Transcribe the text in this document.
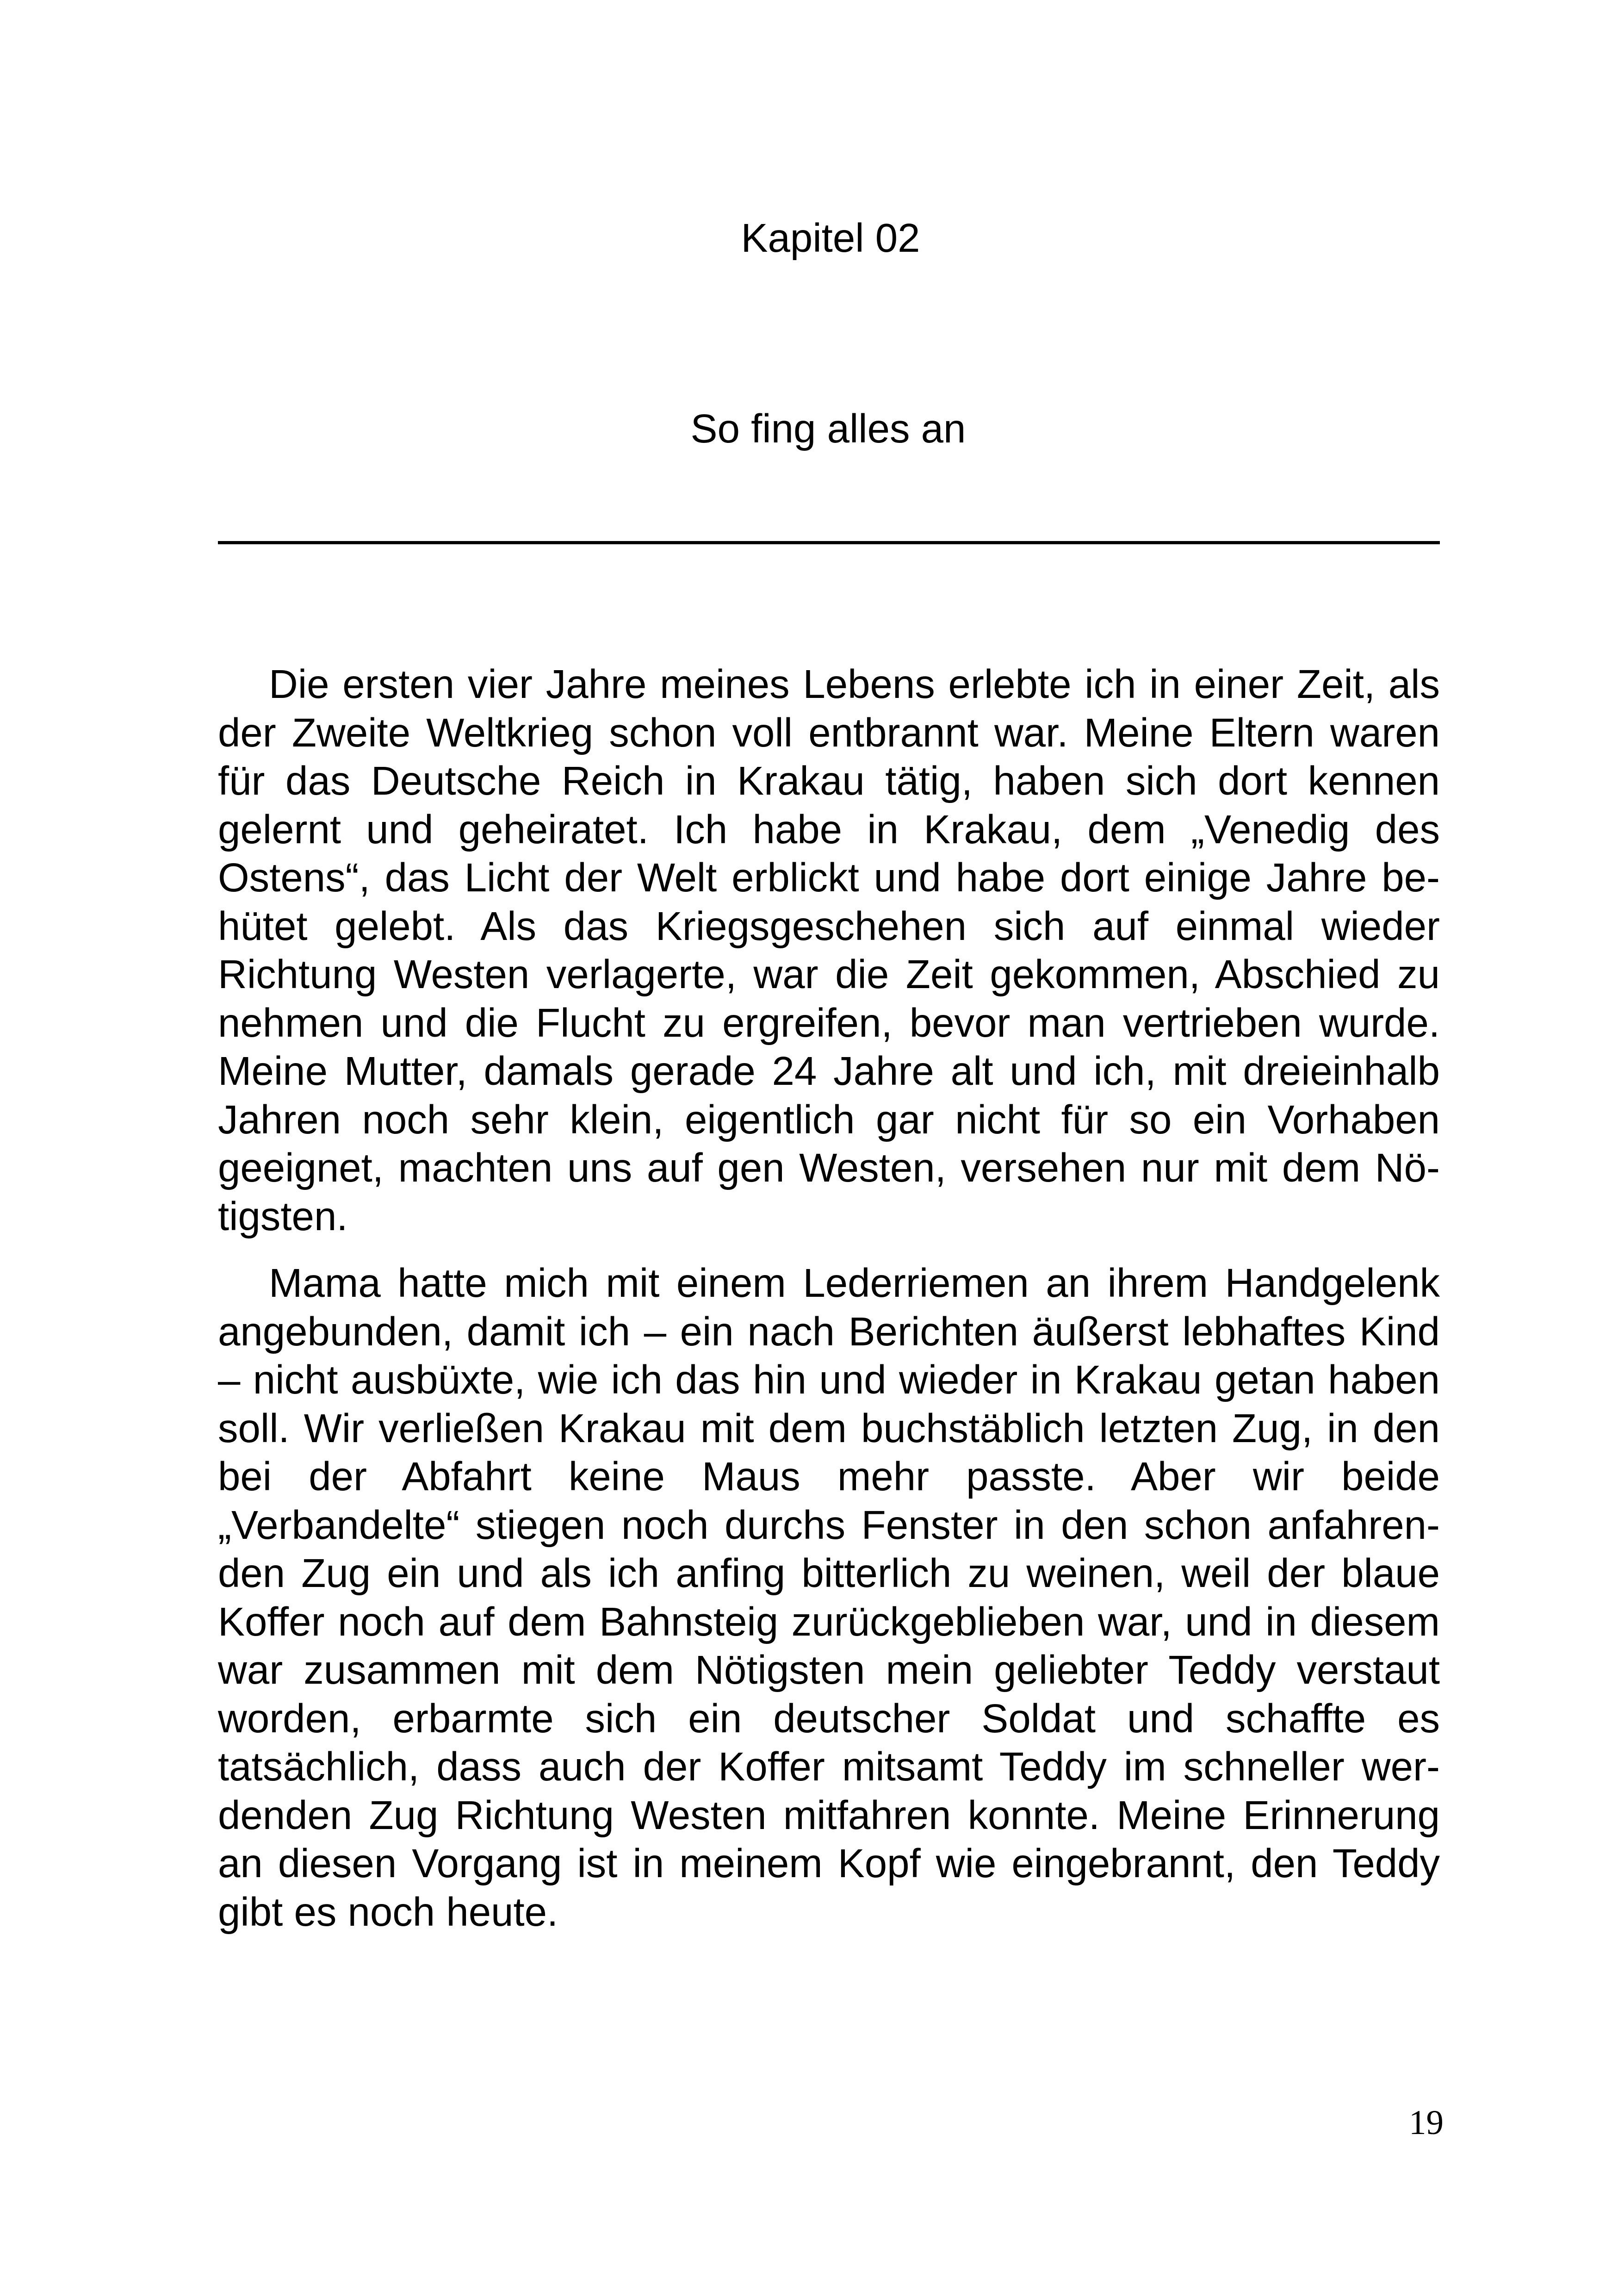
Kapitel 02
So fing alles an

Die ersten vier Jahre meines Lebens erlebte ich in einer Zeit, als der Zweite Weltkrieg schon voll entbrannt war. Meine Eltern waren für das Deutsche Reich in Krakau tätig, haben sich dort kennen gelernt und geheiratet. Ich habe in Krakau, dem „Venedig des Ostens“, das Licht der Welt erblickt und habe dort einige Jahre behütet gelebt. Als das Kriegsgeschehen sich auf einmal wieder Richtung Westen verlagerte, war die Zeit gekommen, Abschied zu nehmen und die Flucht zu ergreifen, bevor man vertrieben wurde. Meine Mutter, damals gerade 24 Jahre alt und ich, mit dreieinhalb Jahren noch sehr klein, eigentlich gar nicht für so ein Vorhaben geeignet, machten uns auf gen Westen, versehen nur mit dem Nötigsten.

Mama hatte mich mit einem Lederriemen an ihrem Handgelenk angebunden, damit ich – ein nach Berichten äußerst lebhaftes Kind – nicht ausbüxte, wie ich das hin und wieder in Krakau getan haben soll. Wir verließen Krakau mit dem buchstäblich letzten Zug, in den bei der Abfahrt keine Maus mehr passte. Aber wir beide „Verbandelte“ stiegen noch durchs Fenster in den schon anfahrenden Zug ein und als ich anfing bitterlich zu weinen, weil der blaue Koffer noch auf dem Bahnsteig zurückgeblieben war, und in diesem war zusammen mit dem Nötigsten mein geliebter Teddy verstaut worden, erbarmte sich ein deutscher Soldat und schaffte es tatsächlich, dass auch der Koffer mitsamt Teddy im schneller werdenden Zug Richtung Westen mitfahren konnte. Meine Erinnerung an diesen Vorgang ist in meinem Kopf wie eingebrannt, den Teddy gibt es noch heute.

19
